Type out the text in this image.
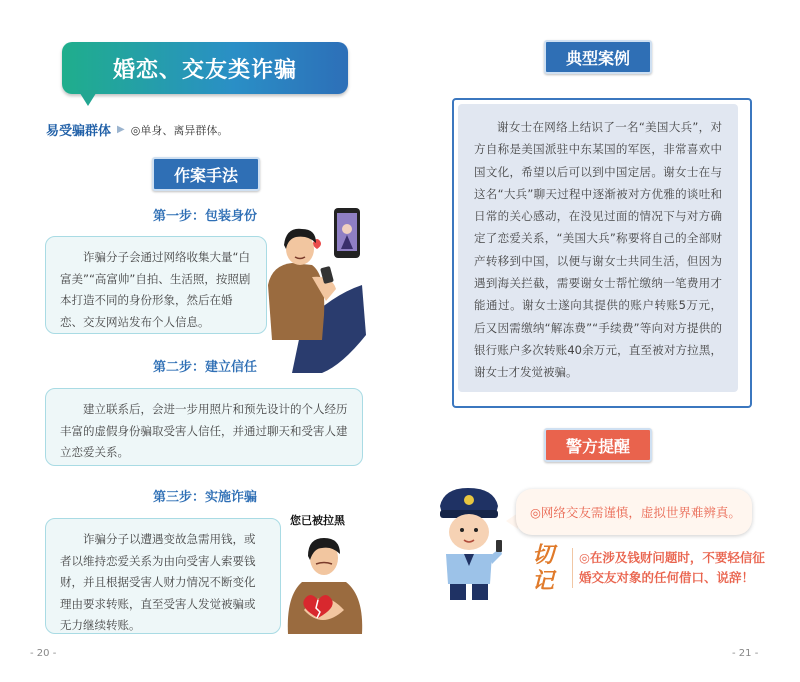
婚恋、交友类诈骗
易受骗群体 ▶ ◎单身、离异群体。
作案手法
第一步：包装身份
诈骗分子会通过网络收集大量“白富美”“高富帅”自拍、生活照，按照剧本打造不同的身份形象，然后在婚恋、交友网站发布个人信息。
第二步：建立信任
建立联系后，会进一步用照片和预先设计的个人经历丰富的虚假身份骗取受害人信任，并通过聊天和受害人建立恋爱关系。
第三步：实施诈骗
诈骗分子以遭遇变故急需用钱，或者以维持恋爱关系为由向受害人索要钱财，并且根据受害人财力情况不断变化理由要求转账，直至受害人发觉被骗或无力继续转账。
您已被拉黑
- 20 -
典型案例
谢女士在网络上结识了一名“美国大兵”，对方自称是美国派驻中东某国的军医，非常喜欢中国文化，希望以后可以到中国定居。谢女士在与这名“大兵”聊天过程中逐渐被对方优雅的谈吐和日常的关心感动，在没见过面的情况下与对方确定了恋爱关系，“美国大兵”称要将自己的全部财产转移到中国，以便与谢女士共同生活，但因为遇到海关拦截，需要谢女士帮忙缴纳一笔费用才能通过。谢女士遂向其提供的账户转账5万元，后又因需缴纳“解冻费”“手续费”等向对方提供的银行账户多次转账40余万元，直至被对方拉黑，谢女士才发觉被骗。
警方提醒
◎网络交友需谨慎，虚拟世界难辨真。
切记
◎在涉及钱财问题时，不要轻信征婚交友对象的任何借口、说辞！
- 21 -
